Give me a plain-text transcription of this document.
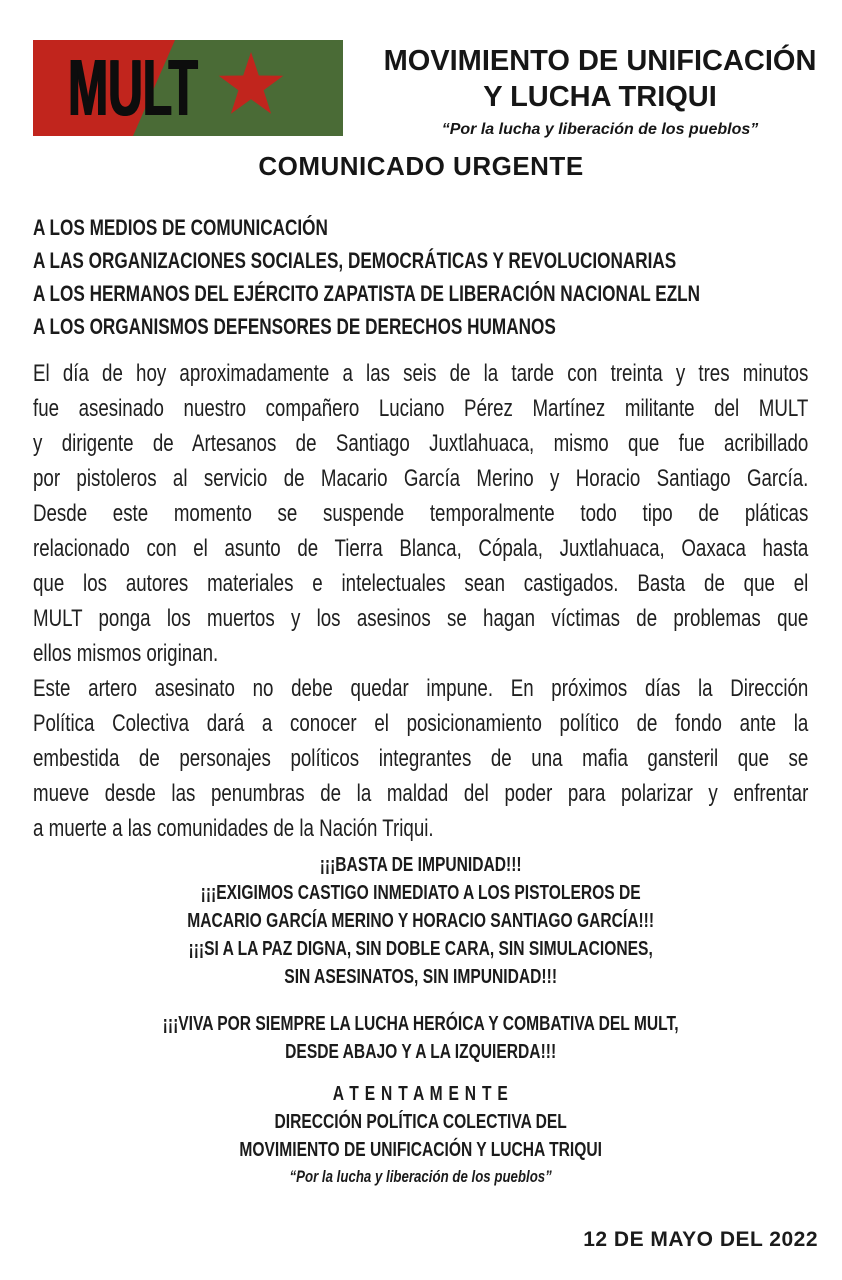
MULT	MOVIMIENTO DE UNIFICACIÓN
Y LUCHA TRIQUI
“Por la lucha y liberación de los pueblos”
COMUNICADO URGENTE
A LOS MEDIOS DE COMUNICACIÓN
A LAS ORGANIZACIONES SOCIALES, DEMOCRÁTICAS Y REVOLUCIONARIAS
A LOS HERMANOS DEL EJÉRCITO ZAPATISTA DE LIBERACIÓN NACIONAL EZLN
A LOS ORGANISMOS DEFENSORES DE DERECHOS HUMANOS
El día de hoy aproximadamente a las seis de la tarde con treinta y tres minutos
fue asesinado nuestro compañero Luciano Pérez Martínez militante del MULT
y dirigente de Artesanos de Santiago Juxtlahuaca, mismo que fue acribillado
por pistoleros al servicio de Macario García Merino y Horacio Santiago García.
Desde este momento se suspende temporalmente todo tipo de pláticas
relacionado con el asunto de Tierra Blanca, Cópala, Juxtlahuaca, Oaxaca hasta
que los autores materiales e intelectuales sean castigados. Basta de que el
MULT ponga los muertos y los asesinos se hagan víctimas de problemas que
ellos mismos originan.
Este artero asesinato no debe quedar impune. En próximos días la Dirección
Política Colectiva dará a conocer el posicionamiento político de fondo ante la
embestida de personajes políticos integrantes de una mafia gansteril que se
mueve desde las penumbras de la maldad del poder para polarizar y enfrentar
a muerte a las comunidades de la Nación Triqui.
¡¡¡BASTA DE IMPUNIDAD!!!
¡¡¡EXIGIMOS CASTIGO INMEDIATO A LOS PISTOLEROS DE
MACARIO GARCÍA MERINO Y HORACIO SANTIAGO GARCÍA!!!
¡¡¡SI A LA PAZ DIGNA, SIN DOBLE CARA, SIN SIMULACIONES,
SIN ASESINATOS, SIN IMPUNIDAD!!!
¡¡¡VIVA POR SIEMPRE LA LUCHA HERÓICA Y COMBATIVA DEL MULT,
DESDE ABAJO Y A LA IZQUIERDA!!!
A T E N T A M E N T E
DIRECCIÓN POLÍTICA COLECTIVA DEL
MOVIMIENTO DE UNIFICACIÓN Y LUCHA TRIQUI
“Por la lucha y liberación de los pueblos”
12 DE MAYO DEL 2022
